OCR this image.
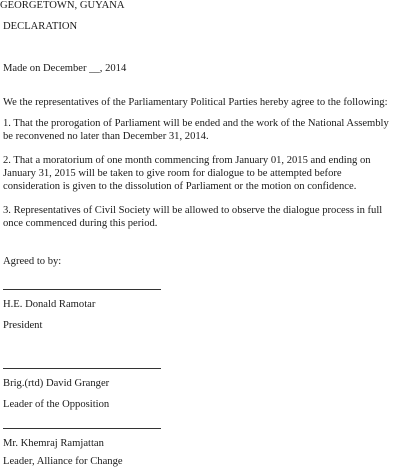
GEORGETOWN, GUYANA
DECLARATION
Made on December __, 2014
We the representatives of the Parliamentary Political Parties hereby agree to the following:
1. That the prorogation of Parliament will be ended and the work of the National Assembly be reconvened no later than December 31, 2014.
2. That a moratorium of one month commencing from January 01, 2015 and ending on January 31, 2015 will be taken to give room for dialogue to be attempted before consideration is given to the dissolution of Parliament or the motion on confidence.
3. Representatives of Civil Society will be allowed to observe the dialogue process in full once commenced during this period.
Agreed to by:
H.E. Donald Ramotar
President
Brig.(rtd) David Granger
Leader of the Opposition
Mr. Khemraj Ramjattan
Leader, Alliance for Change
